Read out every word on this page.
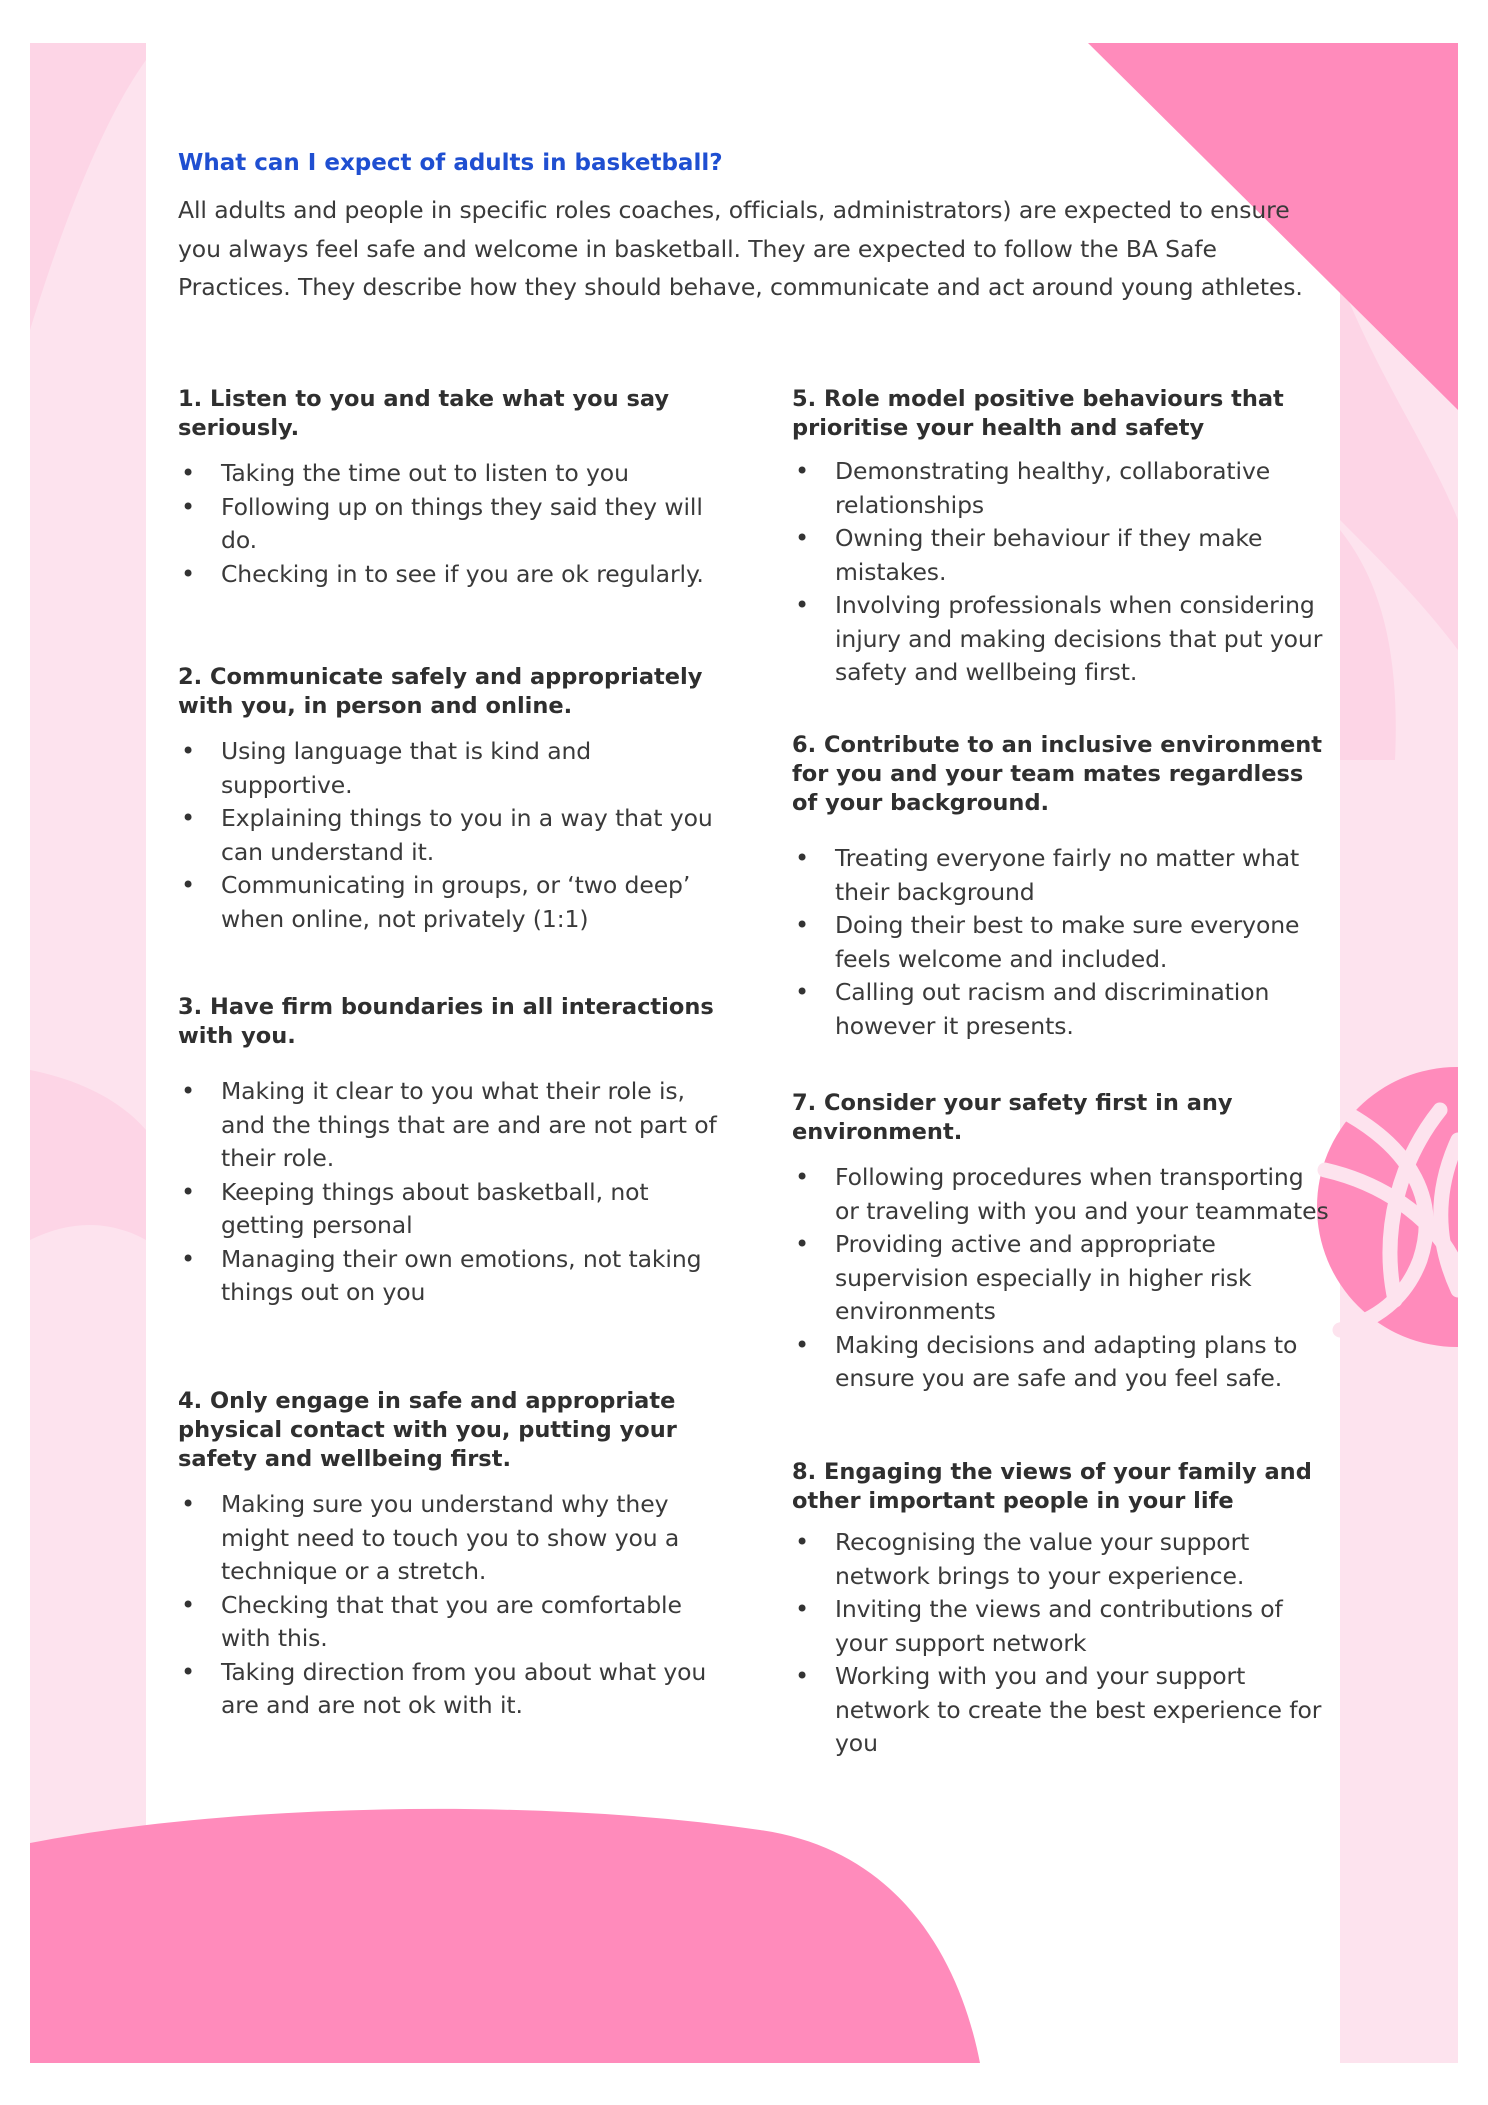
What can I expect of adults in basketball?

All adults and people in specific roles coaches, officials, administrators) are expected to ensure you always feel safe and welcome in basketball. They are expected to follow the BA Safe Practices. They describe how they should behave, communicate and act around young athletes.

1. Listen to you and take what you say seriously.
• Taking the time out to listen to you
• Following up on things they said they will do.
• Checking in to see if you are ok regularly.
2. Communicate safely and appropriately with you, in person and online.
• Using language that is kind and supportive.
• Explaining things to you in a way that you can understand it.
• Communicating in groups, or ‘two deep’ when online, not privately (1:1)
3. Have firm boundaries in all interactions with you.
• Making it clear to you what their role is, and the things that are and are not part of their role.
• Keeping things about basketball, not getting personal
• Managing their own emotions, not taking things out on you
4. Only engage in safe and appropriate physical contact with you, putting your safety and wellbeing first.
• Making sure you understand why they might need to touch you to show you a technique or a stretch.
• Checking that that you are comfortable with this.
• Taking direction from you about what you are and are not ok with it.
5. Role model positive behaviours that prioritise your health and safety
• Demonstrating healthy, collaborative relationships
• Owning their behaviour if they make mistakes.
• Involving professionals when considering injury and making decisions that put your safety and wellbeing first.
6. Contribute to an inclusive environment for you and your team mates regardless of your background.
• Treating everyone fairly no matter what their background
• Doing their best to make sure everyone feels welcome and included.
• Calling out racism and discrimination however it presents.
7. Consider your safety first in any environment.
• Following procedures when transporting or traveling with you and your teammates
• Providing active and appropriate supervision especially in higher risk environments
• Making decisions and adapting plans to ensure you are safe and you feel safe.
8. Engaging the views of your family and other important people in your life
• Recognising the value your support network brings to your experience.
• Inviting the views and contributions of your support network
• Working with you and your support network to create the best experience for you
